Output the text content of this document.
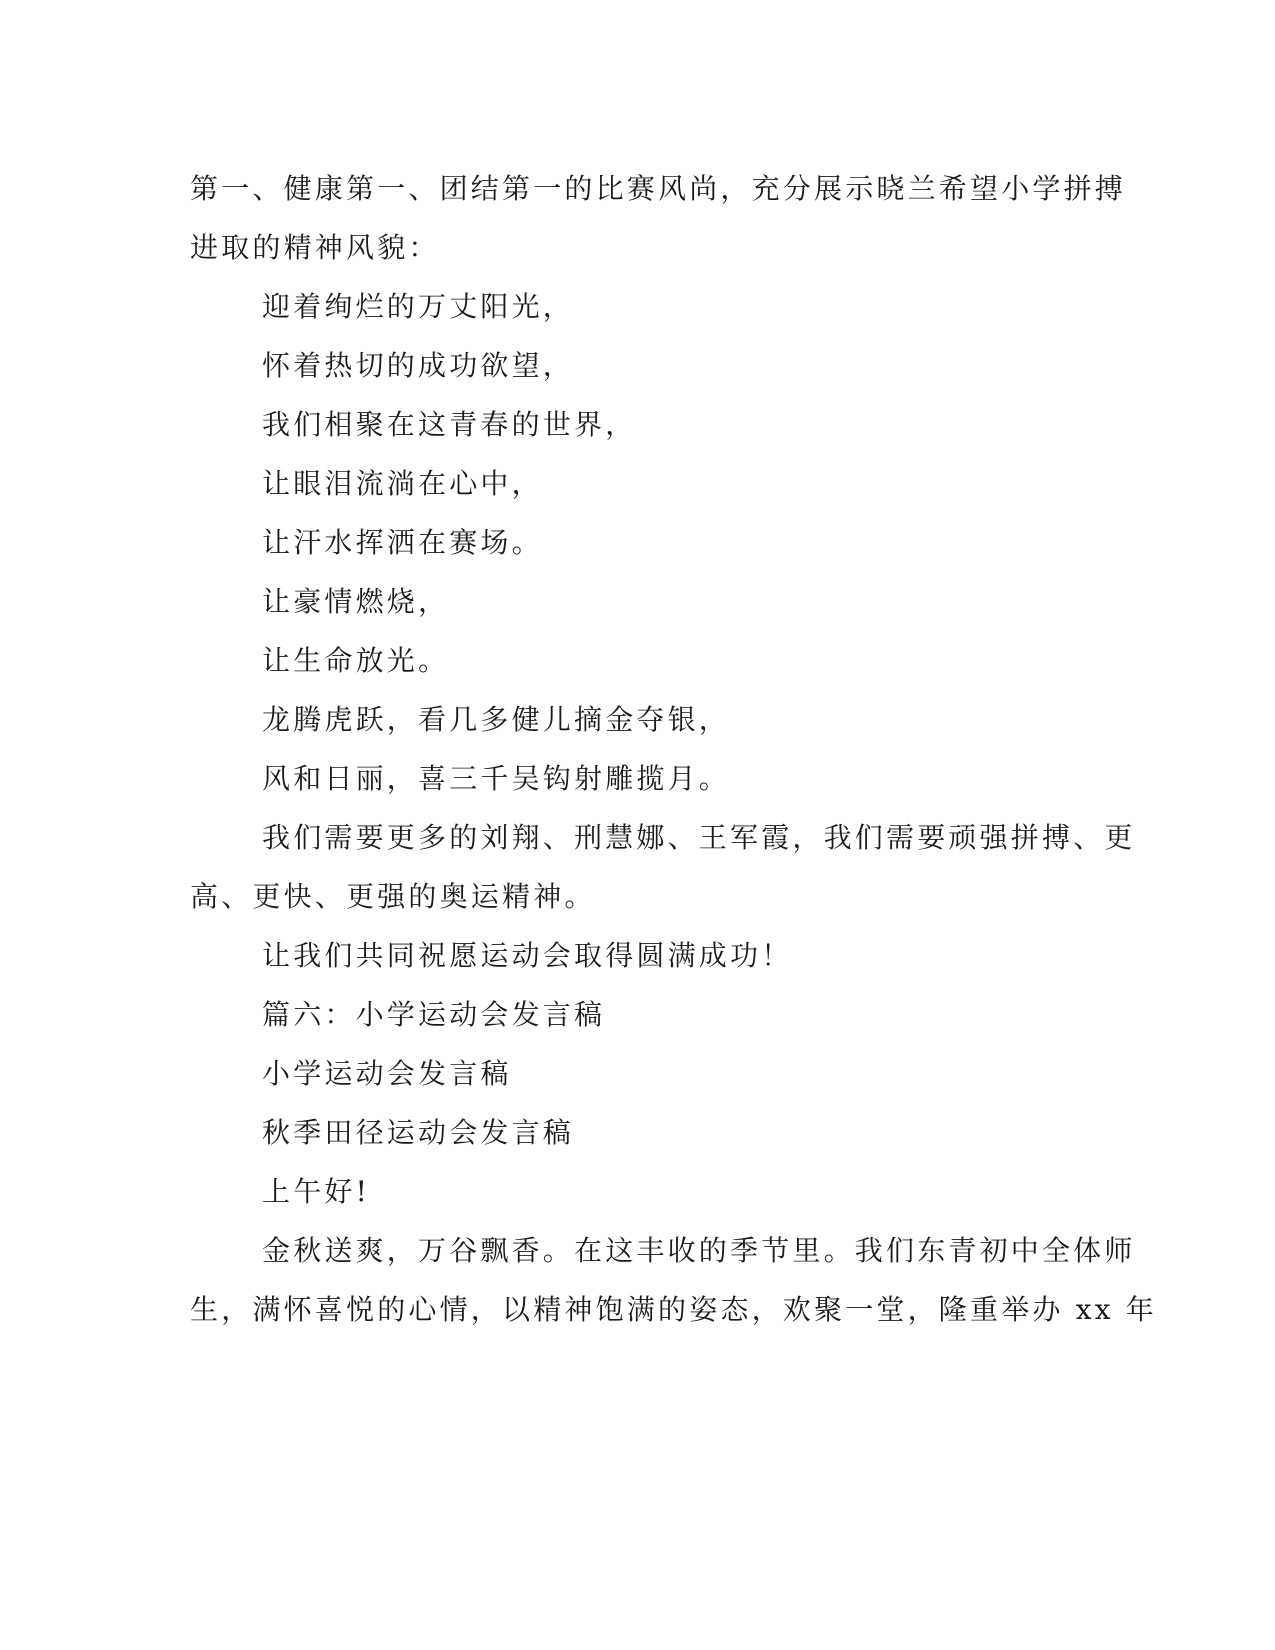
第一、健康第一、团结第一的比赛风尚，充分展示晓兰希望小学拼搏
进取的精神风貌：
迎着绚烂的万丈阳光，
怀着热切的成功欲望，
我们相聚在这青春的世界，
让眼泪流淌在心中，
让汗水挥洒在赛场。
让豪情燃烧，
让生命放光。
龙腾虎跃，看几多健儿摘金夺银，
风和日丽，喜三千吴钩射雕揽月。
我们需要更多的刘翔、刑慧娜、王军霞，我们需要顽强拼搏、更
高、更快、更强的奥运精神。
让我们共同祝愿运动会取得圆满成功！
篇六：小学运动会发言稿
小学运动会发言稿
秋季田径运动会发言稿
上午好!
金秋送爽，万谷飘香。在这丰收的季节里。我们东青初中全体师
生，满怀喜悦的心情，以精神饱满的姿态，欢聚一堂，隆重举办 xx 年
